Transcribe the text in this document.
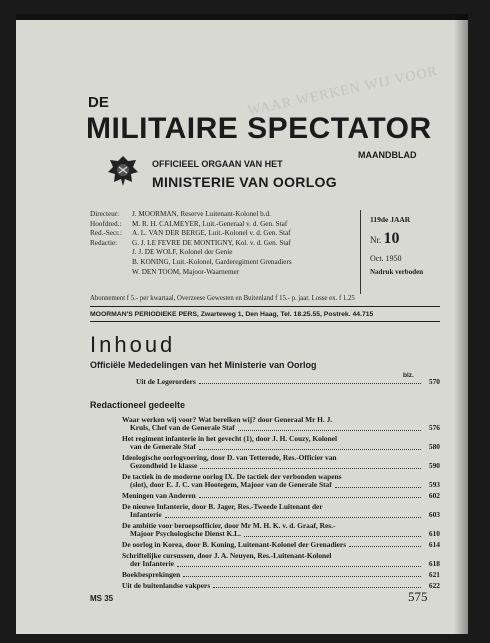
WAAR WERKEN WIJ VOOR
DE
MILITAIRE SPECTATOR
MAANDBLAD
OFFICIEEL ORGAAN VAN HET
MINISTERIE VAN OORLOG
Directeur:	J. MOORMAN, Reserve Luitenant-Kolonel b.d.
Hoofdred.:	M. R. H. CALMEYER, Luit.-Generaal v. d. Gen. Staf
Red.-Secr.:	A. L. VAN DER BERGE, Luit.-Kolonel v. d. Gen. Staf
Redactie:	G. J. LE FEVRE DE MONTIGNY, Kol. v. d. Gen. Staf
J. J. DE WOLF, Kolonel der Genie
B. KONING, Luit.-Kolonel, Garderegiment Grenadiers
W. DEN TOOM, Majoor-Waarnemer
119de JAAR
Nr. 10
Oct. 1950
Nadruk verboden
Abonnement f 5.- per kwartaal, Overzeese Gewesten en Buitenland f 15.- p. jaar. Losse ex. f 1.25
MOORMAN'S PERIODIEKE PERS, Zwarteweg 1, Den Haag, Tel. 18.25.55, Postrek. 44.715
Inhoud
Officiële Mededelingen van het Ministerie van Oorlog
blz.
Uit de Legerorders	570
Redactioneel gedeelte
Waar werken wij voor? Wat bereiken wij? door Generaal Mr H. J.
Kruls, Chef van de Generale Staf	576
Het regiment infanterie in het gevecht (1), door J. H. Couzy, Kolonel
van de Generale Staf	580
Ideologische oorlogvoering, door D. van Tetterode, Res.-Officier van
Gezondheid 1e klasse	590
De tactiek in de moderne oorlog IX. De tactiek der verbonden wapens
(slot), door E. J. C. van Hootegem, Majoor van de Generale Staf	593
Meningen van Anderen	602
De nieuwe Infanterie, door B. Jager, Res.-Tweede Luitenant der
Infanterie	603
De ambitie voor beroepsofficier, door Mr M. H. K. v. d. Graaf, Res.-
Majoor Psychologische Dienst K.L.	610
De oorlog in Korea, door B. Koning, Luitenant-Kolonel der Grenadiers	614
Schriftelijke cursussen, door J. A. Neuyen, Res.-Luitenant-Kolonel
der Infanterie	618
Boekbesprekingen	621
Uit de buitenlandse vakpers	622
MS 35	575
